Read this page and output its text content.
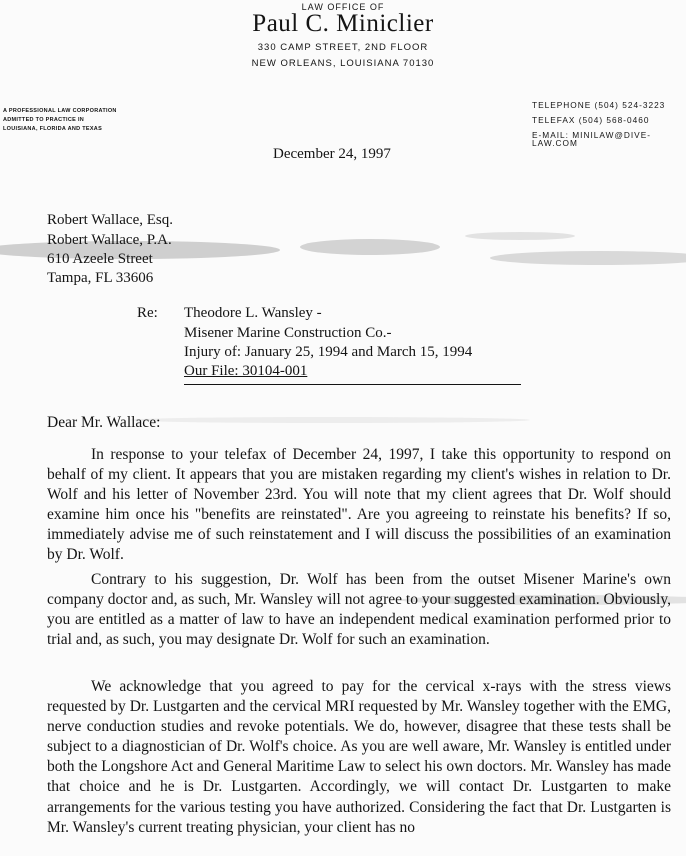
LAW OFFICE OF
Paul C. Miniclier
330 CAMP STREET, 2ND FLOOR
NEW ORLEANS, LOUISIANA 70130
A PROFESSIONAL LAW CORPORATION
ADMITTED TO PRACTICE IN
LOUISIANA, FLORIDA AND TEXAS
TELEPHONE (504) 524-3223
TELEFAX (504) 568-0460
E-MAIL: MINILAW@DIVE-LAW.COM
December 24, 1997
Robert Wallace, Esq.
Robert Wallace, P.A.
610 Azeele Street
Tampa, FL 33606
Re: Theodore L. Wansley -
Misener Marine Construction Co.-
Injury of: January 25, 1994 and March 15, 1994
Our File: 30104-001
Dear Mr. Wallace:

In response to your telefax of December 24, 1997, I take this opportunity to respond on behalf of my client. It appears that you are mistaken regarding my client's wishes in relation to Dr. Wolf and his letter of November 23rd. You will note that my client agrees that Dr. Wolf should examine him once his "benefits are reinstated". Are you agreeing to reinstate his benefits? If so, immediately advise me of such reinstatement and I will discuss the possibilities of an examination by Dr. Wolf.

Contrary to his suggestion, Dr. Wolf has been from the outset Misener Marine's own company doctor and, as such, Mr. Wansley will not agree to your suggested examination. Obviously, you are entitled as a matter of law to have an independent medical examination performed prior to trial and, as such, you may designate Dr. Wolf for such an examination.

We acknowledge that you agreed to pay for the cervical x-rays with the stress views requested by Dr. Lustgarten and the cervical MRI requested by Mr. Wansley together with the EMG, nerve conduction studies and revoke potentials. We do, however, disagree that these tests shall be subject to a diagnostician of Dr. Wolf's choice. As you are well aware, Mr. Wansley is entitled under both the Longshore Act and General Maritime Law to select his own doctors. Mr. Wansley has made that choice and he is Dr. Lustgarten. Accordingly, we will contact Dr. Lustgarten to make arrangements for the various testing you have authorized. Considering the fact that Dr. Lustgarten is Mr. Wansley's current treating physician, your client has no
